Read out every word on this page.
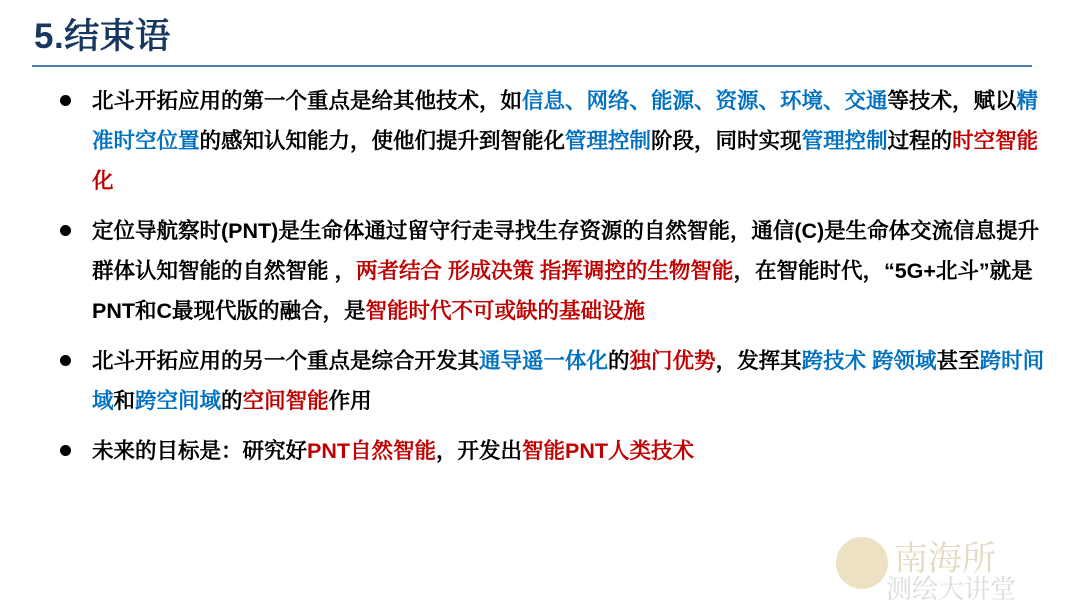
5.结束语
北斗开拓应用的第一个重点是给其他技术，如信息、网络、能源、资源、环境、交通等技术，赋以精准时空位置的感知认知能力，使他们提升到智能化管理控制阶段，同时实现管理控制过程的时空智能化
定位导航察时(PNT)是生命体通过留守行走寻找生存资源的自然智能，通信(C)是生命体交流信息提升群体认知智能的自然智能 ，两者结合 形成决策 指挥调控的生物智能，在智能时代，“5G+北斗”就是PNT和C最现代版的融合，是智能时代不可或缺的基础设施
北斗开拓应用的另一个重点是综合开发其通导遥一体化的独门优势，发挥其跨技术 跨领域甚至跨时间域和跨空间域的空间智能作用
未来的目标是：研究好PNT自然智能，开发出智能PNT人类技术
南海所
测绘大讲堂
